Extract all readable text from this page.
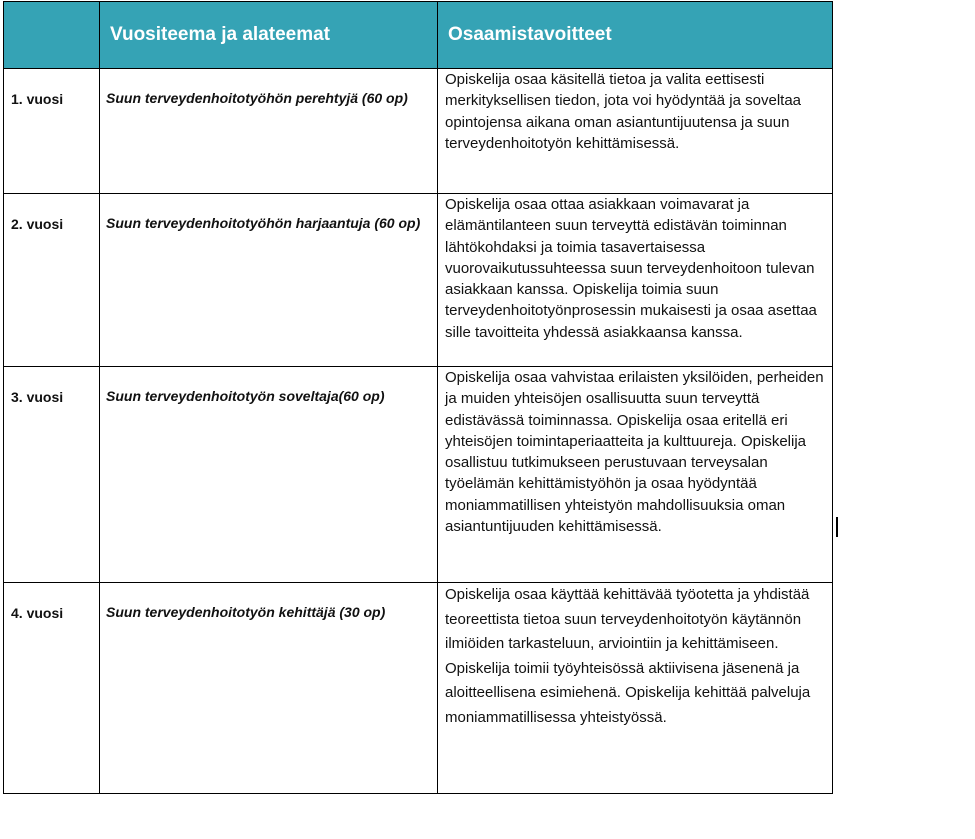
	Vuositeema ja alateemat	Osaamistavoitteet

1. vuosi	Suun terveydenhoitotyöhön perehtyjä (60 op)	Opiskelija osaa käsitellä tietoa ja valita eettisesti merkityksellisen tiedon, jota voi hyödyntää ja soveltaa opintojensa aikana oman asiantuntijuutensa ja suun terveydenhoitotyön kehittämisessä.
2. vuosi	Suun terveydenhoitotyöhön harjaantuja (60 op)	Opiskelija osaa ottaa asiakkaan voimavarat ja elämäntilanteen suun terveyttä edistävän toiminnan lähtökohdaksi ja toimia tasavertaisessa vuorovaikutussuhteessa suun terveydenhoitoon tulevan asiakkaan kanssa. Opiskelija toimia suun terveydenhoitotyönprosessin mukaisesti ja osaa asettaa sille tavoitteita yhdessä asiakkaansa kanssa.
3. vuosi	Suun terveydenhoitotyön soveltaja(60 op)	Opiskelija osaa vahvistaa erilaisten yksilöiden, perheiden ja muiden yhteisöjen osallisuutta suun terveyttä edistävässä toiminnassa. Opiskelija osaa eritellä eri yhteisöjen toimintaperiaatteita ja kulttuureja. Opiskelija osallistuu tutkimukseen perustuvaan terveysalan työelämän kehittämistyöhön ja osaa hyödyntää moniammatillisen yhteistyön mahdollisuuksia oman asiantuntijuuden kehittämisessä.
4. vuosi	Suun terveydenhoitotyön kehittäjä (30 op)	Opiskelija osaa käyttää kehittävää työotetta ja yhdistää teoreettista tietoa suun terveydenhoitotyön käytännön ilmiöiden tarkasteluun, arviointiin ja kehittämiseen. Opiskelija toimii työyhteisössä aktiivisena jäsenenä ja aloitteellisena esimiehenä. Opiskelija kehittää palveluja moniammatillisessa yhteistyössä.
